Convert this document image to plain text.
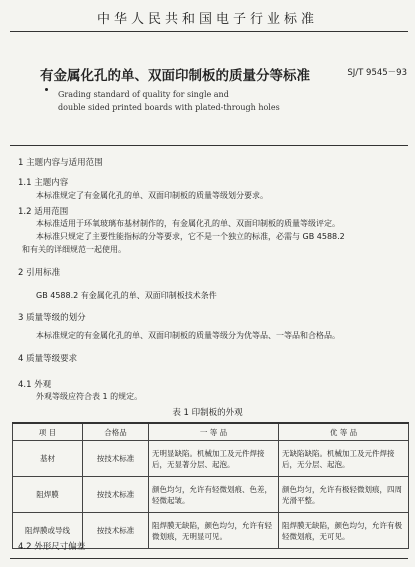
中华人民共和国电子行业标准
有金属化孔的单、双面印制板的质量分等标准	SJ/T 9545－93
Grading standard of quality for single and
double sided printed boards with plated-through holes
1 主题内容与适用范围
1.1 主题内容
本标准规定了有金属化孔的单、双面印制板的质量等级划分要求。
1.2 适用范围
本标准适用于环氧玻璃布基材制作的，有金属化孔的单、双面印制板的质量等级评定。
本标准只规定了主要性能指标的分等要求，它不是一个独立的标准，必需与 GB 4588.2
和有关的详细规范一起使用。
2 引用标准
GB 4588.2 有金属化孔的单、双面印制板技术条件
3 质量等级的划分
本标准规定的有金属化孔的单、双面印制板的质量等级分为优等品、一等品和合格品。
4 质量等级要求
4.1 外观
外观等级应符合表 1 的规定。
表 1 印制板的外观
项 目	合格品	一 等 品	优 等 品
基材	按技术标准	无明显缺陷。机械加工及元件焊接后，无显著分层、起泡。	无缺陷缺陷。机械加工及元件焊接后，无分层、起泡。
阻焊膜	按技术标准	颜色均匀，允许有轻微划痕、色差，轻微起皱。	颜色均匀，允许有极轻微划痕，四周光滑平整。
阻焊膜或导线	按技术标准	阻焊膜无缺陷，颜色均匀，允许有轻微划痕，无明显可见。	阻焊膜无缺陷，颜色均匀，允许有极轻微划痕，无可见。
4.2 外形尺寸偏差
